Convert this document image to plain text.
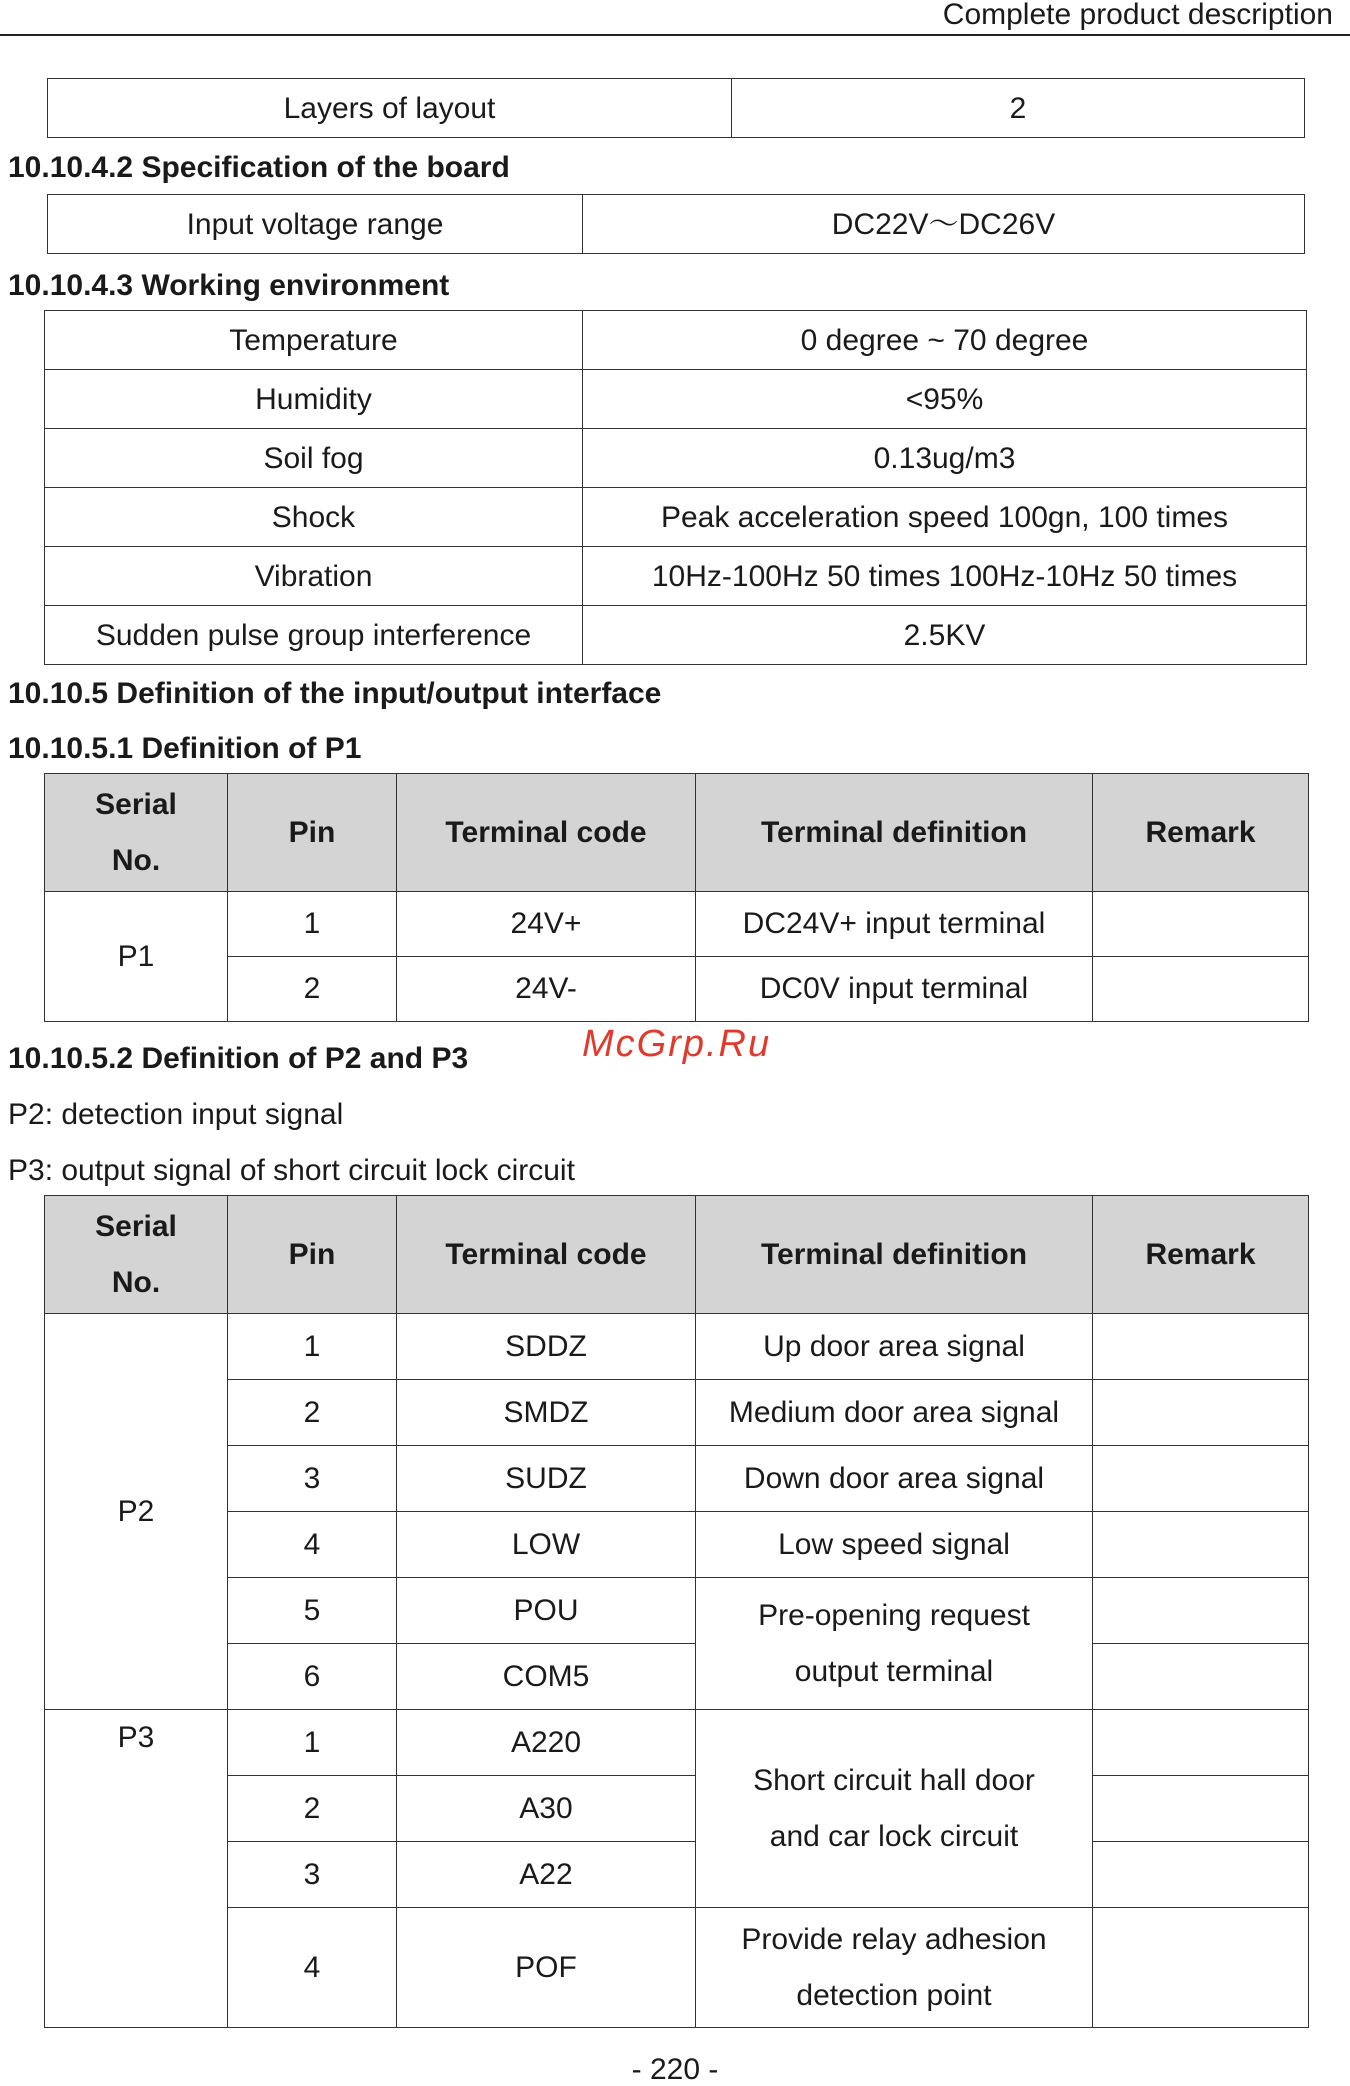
Complete product description
Layers of layout	2
10.10.4.2 Specification of the board
Input voltage range	DC22V～DC26V
10.10.4.3 Working environment
Temperature	0 degree ~ 70 degree
Humidity	<95%
Soil fog	0.13ug/m3
Shock	Peak acceleration speed 100gn, 100 times
Vibration	10Hz-100Hz 50 times 100Hz-10Hz 50 times
Sudden pulse group interference	2.5KV
10.10.5 Definition of the input/output interface
10.10.5.1 Definition of P1
Serial No.	Pin	Terminal code	Terminal definition	Remark
P1	1	24V+	DC24V+ input terminal	
	2	24V-	DC0V input terminal	
10.10.5.2 Definition of P2 and P3	McGrp.Ru
P2: detection input signal
P3: output signal of short circuit lock circuit
Serial No.	Pin	Terminal code	Terminal definition	Remark
P2	1	SDDZ	Up door area signal	
	2	SMDZ	Medium door area signal	
	3	SUDZ	Down door area signal	
	4	LOW	Low speed signal	
	5	POU	Pre-opening request output terminal	
	6	COM5		
P3	1	A220	Short circuit hall door and car lock circuit	
	2	A30		
	3	A22		
	4	POF	Provide relay adhesion detection point	
- 220 -
